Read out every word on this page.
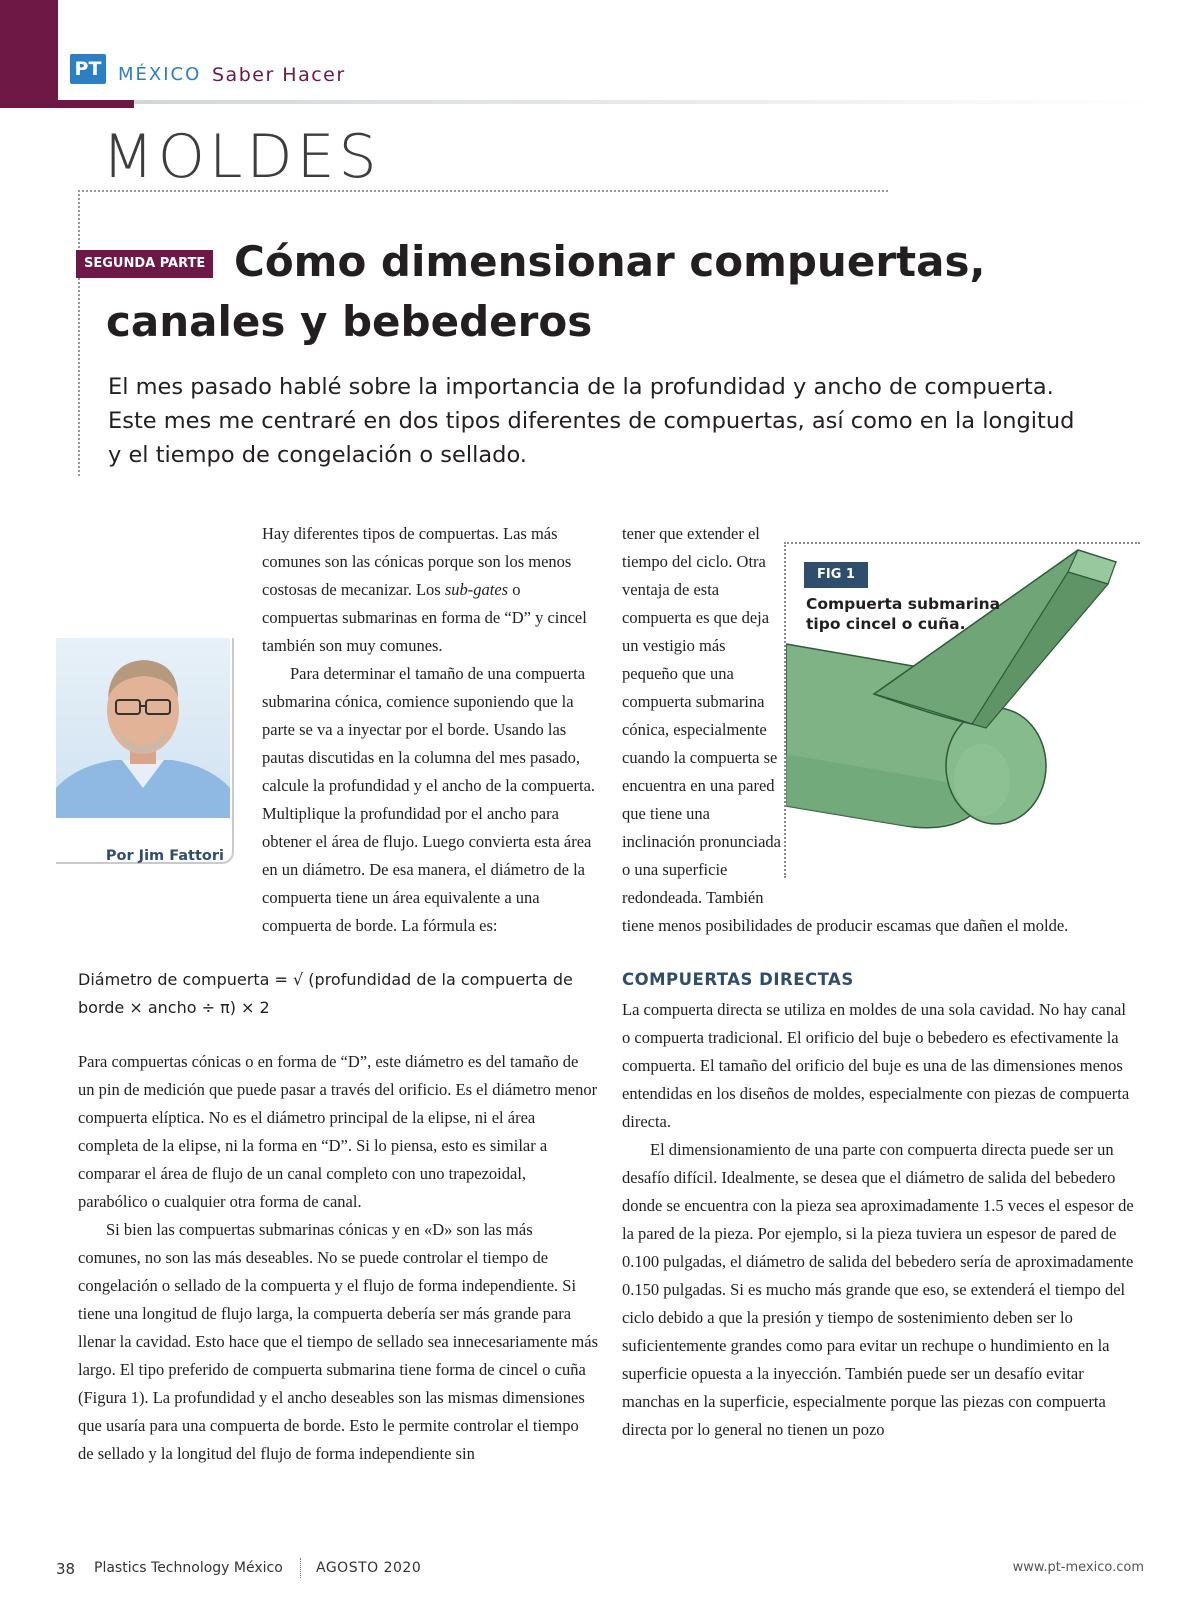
PT MÉXICO Saber Hacer
MOLDES
SEGUNDA PARTE Cómo dimensionar compuertas,
canales y bebederos

El mes pasado hablé sobre la importancia de la profundidad y ancho de compuerta. Este mes me centraré en dos tipos diferentes de compuertas, así como en la longitud y el tiempo de congelación o sellado.

Hay diferentes tipos de compuertas. Las más comunes son las cónicas porque son los menos costosas de mecanizar. Los sub-gates o compuertas submarinas en forma de “D” y cincel también son muy comunes.

Para determinar el tamaño de una compuerta submarina cónica, comience suponiendo que la parte se va a inyectar por el borde. Usando las pautas discutidas en la columna del mes pasado, calcule la profundidad y el ancho de la compuerta. Multiplique la profundidad por el ancho para obtener el área de flujo. Luego convierta esta área en un diámetro. De esa manera, el diámetro de la compuerta tiene un área equivalente a una compuerta de borde. La fórmula es:

Diámetro de compuerta = √ (profundidad de la compuerta de borde × ancho ÷ π) × 2

Para compuertas cónicas o en forma de “D”, este diámetro es del tamaño de un pin de medición que puede pasar a través del orificio. Es el diámetro menor compuerta elíptica. No es el diámetro principal de la elipse, ni el área completa de la elipse, ni la forma en “D”. Si lo piensa, esto es similar a comparar el área de flujo de un canal completo con uno trapezoidal, parabólico o cualquier otra forma de canal.

Si bien las compuertas submarinas cónicas y en «D» son las más comunes, no son las más deseables. No se puede controlar el tiempo de congelación o sellado de la compuerta y el flujo de forma independiente. Si tiene una longitud de flujo larga, la compuerta debería ser más grande para llenar la cavidad. Esto hace que el tiempo de sellado sea innecesariamente más largo. El tipo preferido de compuerta submarina tiene forma de cincel o cuña (Figura 1). La profundidad y el ancho deseables son las mismas dimensiones que usaría para una compuerta de borde. Esto le permite controlar el tiempo de sellado y la longitud del flujo de forma independiente sin

Por Jim Fattori

tener que extender el tiempo del ciclo. Otra ventaja de esta compuerta es que deja un vestigio más pequeño que una compuerta submarina cónica, especialmente cuando la compuerta se encuentra en una pared que tiene una inclinación pronunciada o una superficie redondeada. También tiene menos posibilidades de producir escamas que dañen el molde.

COMPUERTAS DIRECTAS

La compuerta directa se utiliza en moldes de una sola cavidad. No hay canal o compuerta tradicional. El orificio del buje o bebedero es efectivamente la compuerta. El tamaño del orificio del buje es una de las dimensiones menos entendidas en los diseños de moldes, especialmente con piezas de compuerta directa.

El dimensionamiento de una parte con compuerta directa puede ser un desafío difícil. Idealmente, se desea que el diámetro de salida del bebedero donde se encuentra con la pieza sea aproximadamente 1.5 veces el espesor de la pared de la pieza. Por ejemplo, si la pieza tuviera un espesor de pared de 0.100 pulgadas, el diámetro de salida del bebedero sería de aproximadamente 0.150 pulgadas. Si es mucho más grande que eso, se extenderá el tiempo del ciclo debido a que la presión y tiempo de sostenimiento deben ser lo suficientemente grandes como para evitar un rechupe o hundimiento en la superficie opuesta a la inyección. También puede ser un desafío evitar manchas en la superficie, especialmente porque las piezas con compuerta directa por lo general no tienen un pozo

FIG 1
Compuerta submarina tipo cincel o cuña.
38 Plastics Technology México AGOSTO 2020	www.pt-mexico.com
